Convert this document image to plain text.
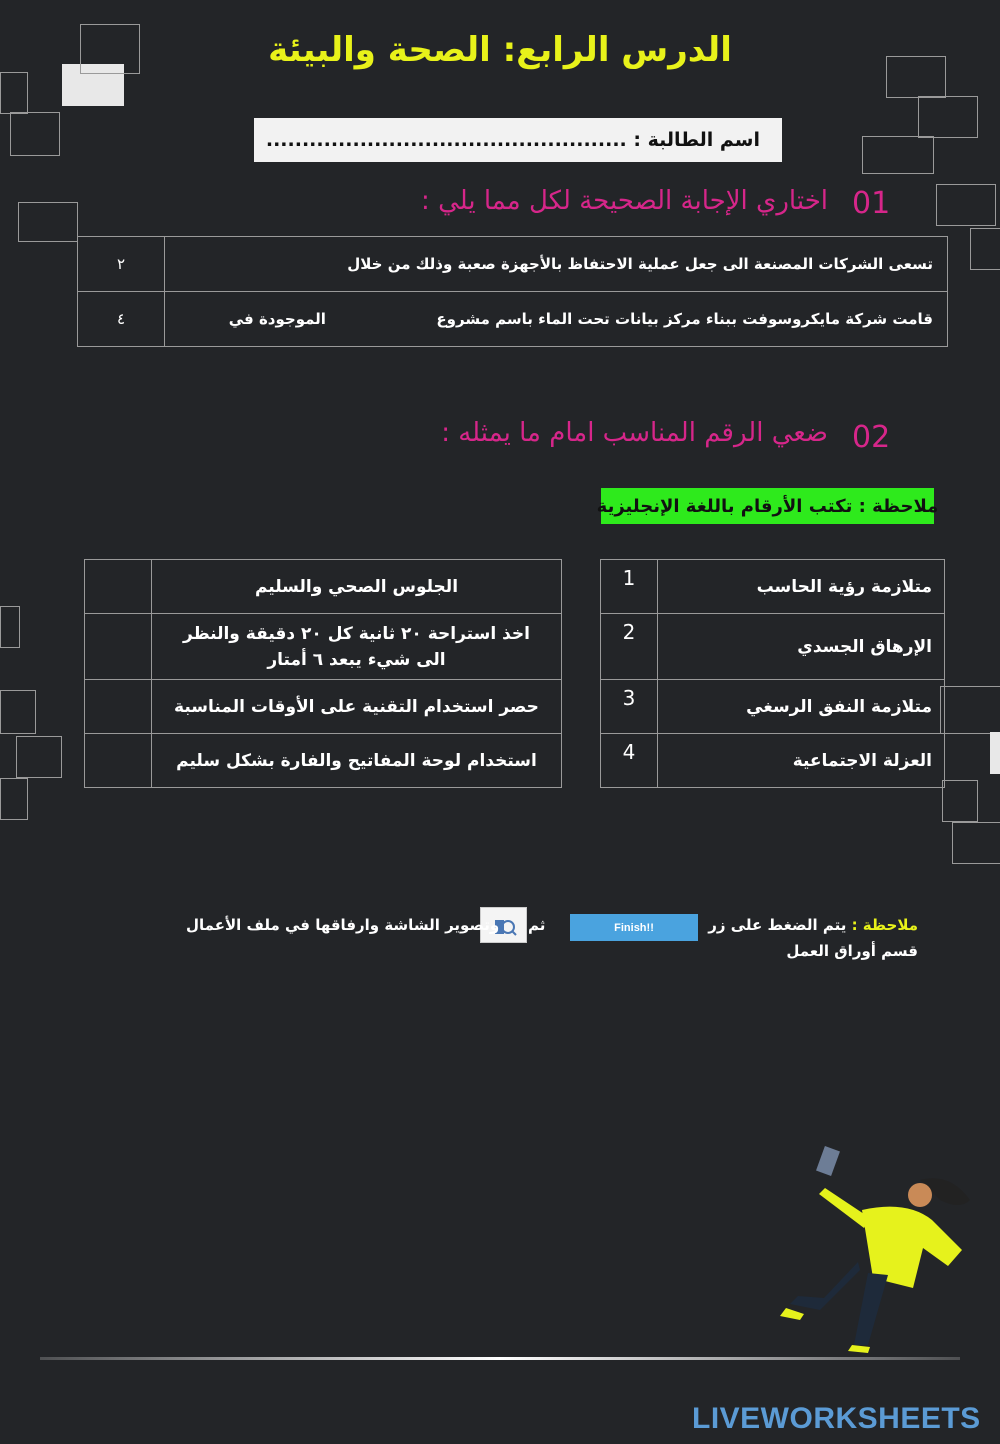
الدرس الرابع: الصحة والبيئة
اسم الطالبة : ..................................................
01
اختاري الإجابة الصحيحة لكل مما يلي :
٢	تسعى الشركات المصنعة الى جعل عملية الاحتفاظ بالأجهزة صعبة وذلك من خلال
٤	قامت شركة مايكروسوفت ببناء مركز بيانات تحت الماء باسم مشروع  الموجودة في
02
ضعي الرقم المناسب امام ما يمثله :
ملاحظة : تكتب الأرقام باللغة الإنجليزية
1	متلازمة رؤية الحاسب
2	الإرهاق الجسدي
3	متلازمة النفق الرسغي
4	العزلة الاجتماعية
	الجلوس الصحي والسليم
	اخذ استراحة ٢٠ ثانية كل ٢٠ دقيقة والنظر الى شيء يبعد ٦ أمتار
	حصر استخدام التقنية على الأوقات المناسبة
	استخدام لوحة المفاتيح والفارة بشكل سليم
ملاحظة : يتم الضغط على زر
Finish!!
ثم
وتصوير الشاشة وارفاقها في ملف الأعمال
قسم أوراق العمل
LIVEWORKSHEETS
